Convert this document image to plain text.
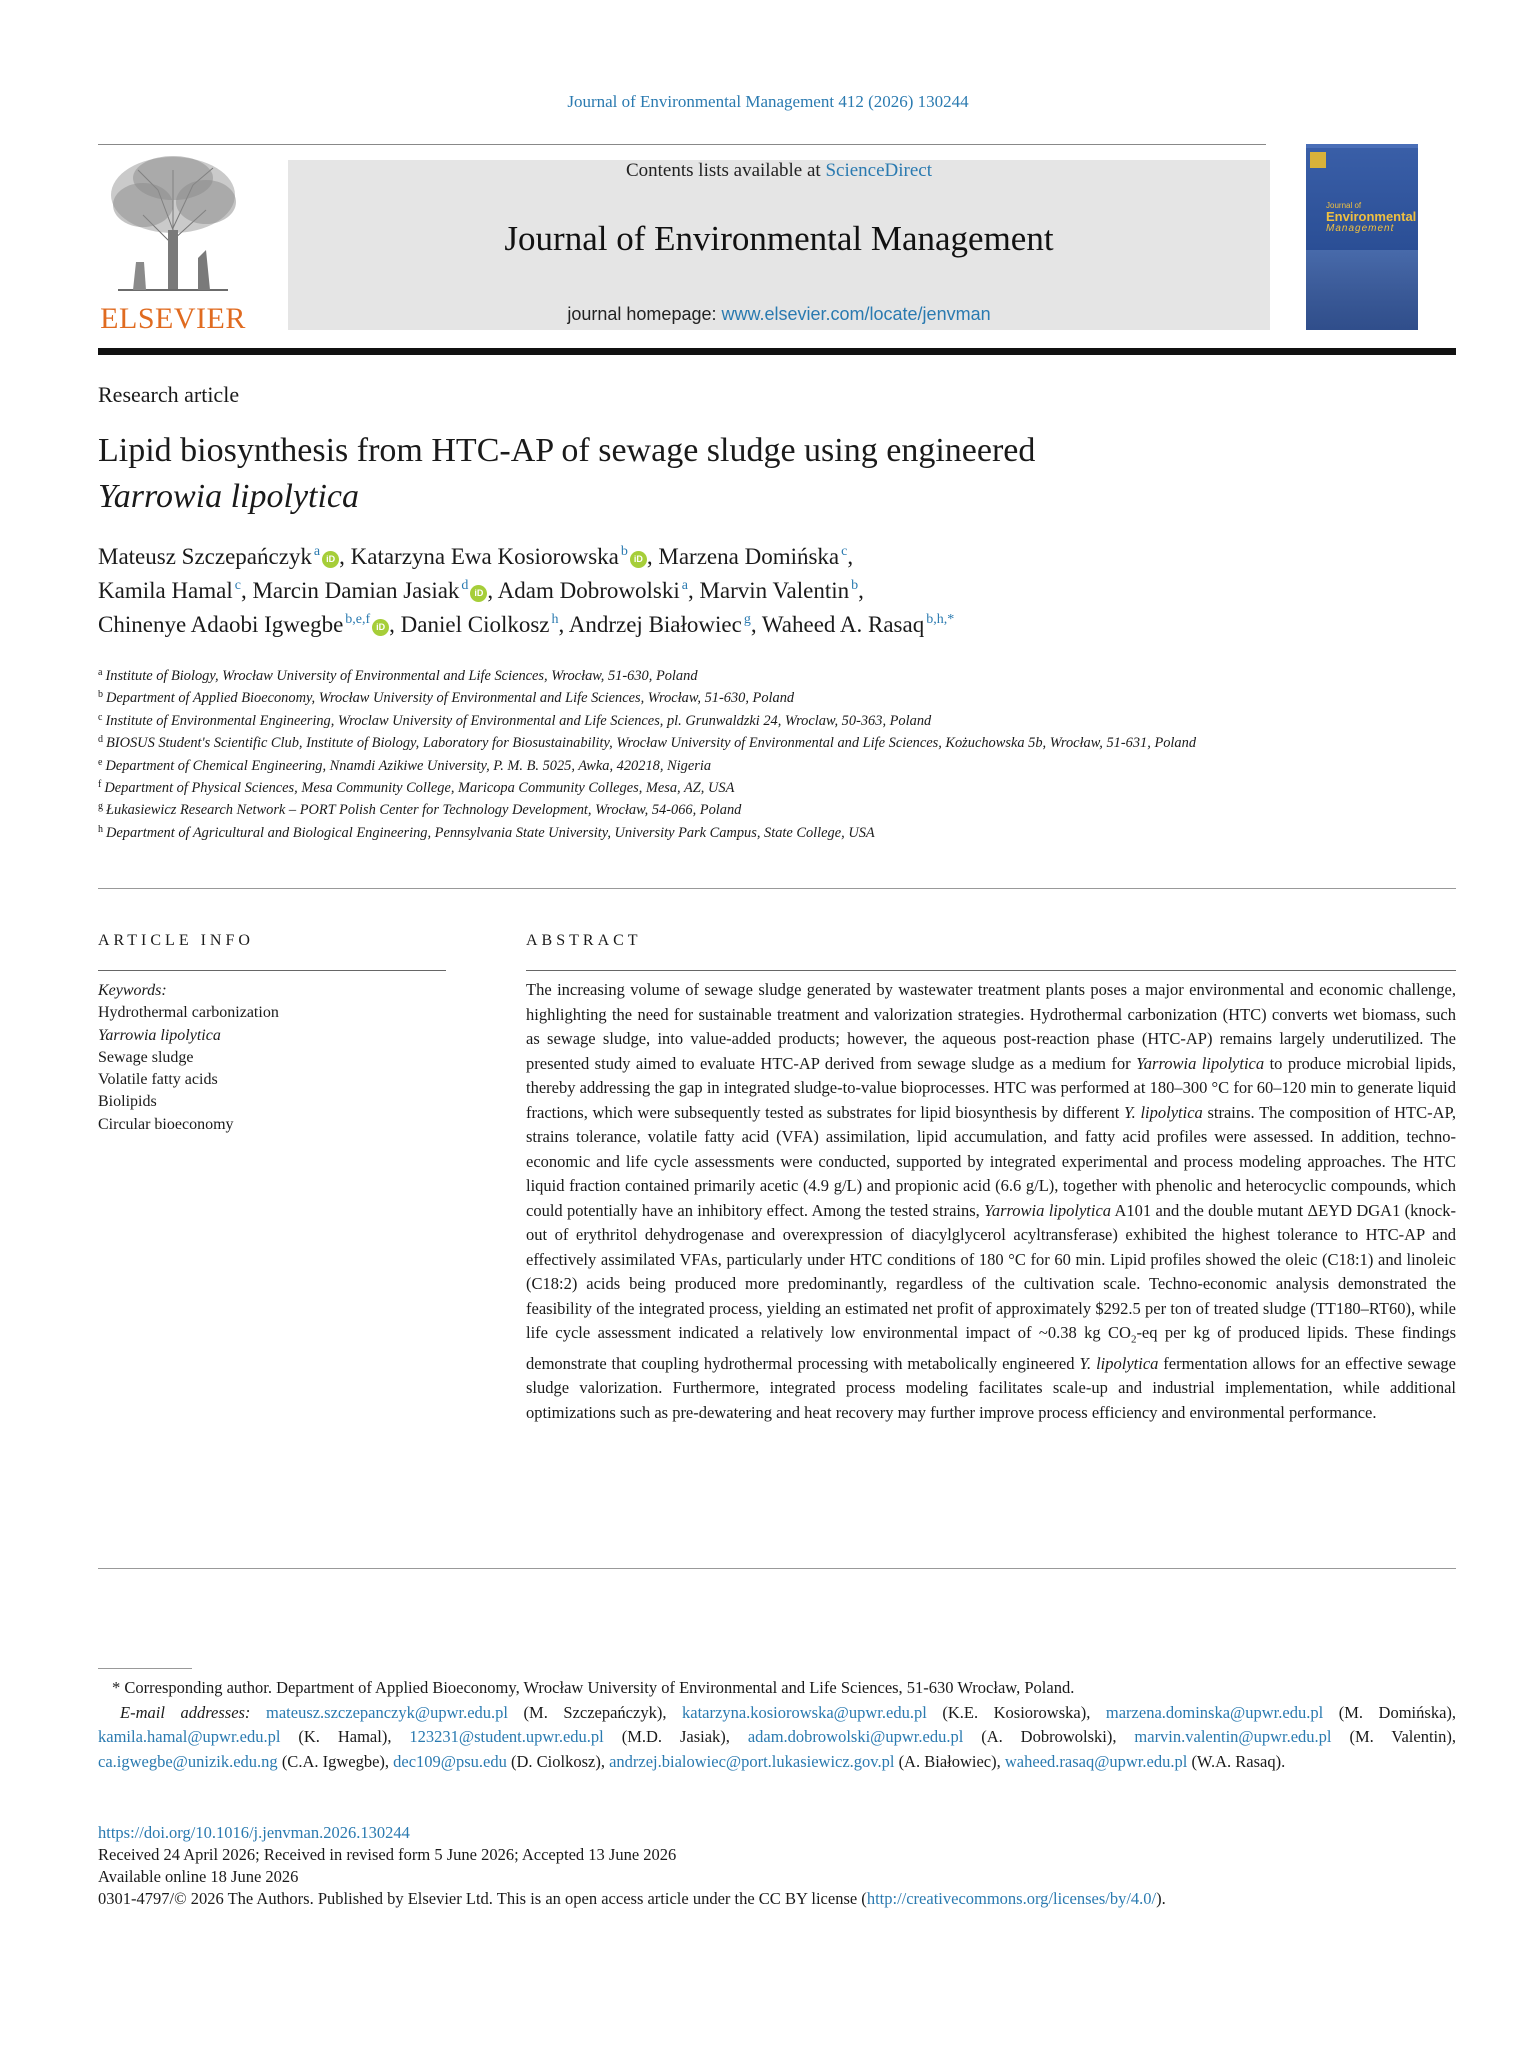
Journal of Environmental Management 412 (2026) 130244
ELSEVIER
Contents lists available at ScienceDirect
Journal of Environmental Management
journal homepage: www.elsevier.com/locate/jenvman
Journal of
Environmental
Management
Research article
Lipid biosynthesis from HTC-AP of sewage sludge using engineered
Yarrowia lipolytica
Mateusz Szczepańczyk $^a$ iD , Katarzyna Ewa Kosiorowska $^b$ iD , Marzena Domińska $^c$,
Kamila Hamal $^c$, Marcin Damian Jasiak $^d$ iD , Adam Dobrowolski $^a$, Marvin Valentin $^b$,
Chinenye Adaobi Igwegbe $^{b,e,f}$ iD , Daniel Ciolkosz $^h$, Andrzej Białowiec $^g$, Waheed A. Rasaq $^{b,h,*}$
$^a$ Institute of Biology, Wrocław University of Environmental and Life Sciences, Wrocław, 51-630, Poland
$^b$ Department of Applied Bioeconomy, Wrocław University of Environmental and Life Sciences, Wrocław, 51-630, Poland
$^c$ Institute of Environmental Engineering, Wroclaw University of Environmental and Life Sciences, pl. Grunwaldzki 24, Wroclaw, 50-363, Poland
$^d$ BIOSUS Student's Scientific Club, Institute of Biology, Laboratory for Biosustainability, Wrocław University of Environmental and Life Sciences, Kożuchowska 5b, Wrocław, 51-631, Poland
$^e$ Department of Chemical Engineering, Nnamdi Azikiwe University, P. M. B. 5025, Awka, 420218, Nigeria
$^f$ Department of Physical Sciences, Mesa Community College, Maricopa Community Colleges, Mesa, AZ, USA
$^g$ Łukasiewicz Research Network – PORT Polish Center for Technology Development, Wrocław, 54-066, Poland
$^h$ Department of Agricultural and Biological Engineering, Pennsylvania State University, University Park Campus, State College, USA
ARTICLE INFO
Keywords:
Hydrothermal carbonization
Yarrowia lipolytica
Sewage sludge
Volatile fatty acids
Biolipids
Circular bioeconomy
ABSTRACT
The increasing volume of sewage sludge generated by wastewater treatment plants poses a major environmental and economic challenge, highlighting the need for sustainable treatment and valorization strategies. Hydrothermal carbonization (HTC) converts wet biomass, such as sewage sludge, into value-added products; however, the aqueous post-reaction phase (HTC-AP) remains largely underutilized. The presented study aimed to evaluate HTC-AP derived from sewage sludge as a medium for Yarrowia lipolytica to produce microbial lipids, thereby addressing the gap in integrated sludge-to-value bioprocesses. HTC was performed at 180–300 °C for 60–120 min to generate liquid fractions, which were subsequently tested as substrates for lipid biosynthesis by different Y. lipolytica strains. The composition of HTC-AP, strains tolerance, volatile fatty acid (VFA) assimilation, lipid accumulation, and fatty acid profiles were assessed. In addition, techno-economic and life cycle assessments were conducted, supported by integrated experimental and process modeling approaches. The HTC liquid fraction contained primarily acetic (4.9 g/L) and propionic acid (6.6 g/L), together with phenolic and heterocyclic compounds, which could potentially have an inhibitory effect. Among the tested strains, Yarrowia lipolytica A101 and the double mutant ΔEYD DGA1 (knock-out of erythritol dehydrogenase and overexpression of diacylglycerol acyltransferase) exhibited the highest tolerance to HTC-AP and effectively assimilated VFAs, particularly under HTC conditions of 180 °C for 60 min. Lipid profiles showed the oleic (C18:1) and linoleic (C18:2) acids being produced more predominantly, regardless of the cultivation scale. Techno-economic analysis demonstrated the feasibility of the integrated process, yielding an estimated net profit of approximately $292.5 per ton of treated sludge (TT180–RT60), while life cycle assessment indicated a relatively low environmental impact of ~0.38 kg $CO_2-eq$ per kg of produced lipids. These findings demonstrate that coupling hydrothermal processing with metabolically engineered Y. lipolytica fermentation allows for an effective sewage sludge valorization. Furthermore, integrated process modeling facilitates scale-up and industrial implementation, while additional optimizations such as pre-dewatering and heat recovery may further improve process efficiency and environmental performance.
* Corresponding author. Department of Applied Bioeconomy, Wrocław University of Environmental and Life Sciences, 51-630 Wrocław, Poland.
E-mail addresses: mateusz.szczepanczyk@upwr.edu.pl (M. Szczepańczyk), katarzyna.kosiorowska@upwr.edu.pl (K.E. Kosiorowska), marzena.dominska@upwr.edu.pl (M. Domińska), kamila.hamal@upwr.edu.pl (K. Hamal), 123231@student.upwr.edu.pl (M.D. Jasiak), adam.dobrowolski@upwr.edu.pl (A. Dobrowolski), marvin.valentin@upwr.edu.pl (M. Valentin), ca.igwegbe@unizik.edu.ng (C.A. Igwegbe), dec109@psu.edu (D. Ciolkosz), andrzej.bialowiec@port.lukasiewicz.gov.pl (A. Białowiec), waheed.rasaq@upwr.edu.pl (W.A. Rasaq).
https://doi.org/10.1016/j.jenvman.2026.130244
Received 24 April 2026; Received in revised form 5 June 2026; Accepted 13 June 2026
Available online 18 June 2026
0301-4797/© 2026 The Authors. Published by Elsevier Ltd. This is an open access article under the CC BY license (http://creativecommons.org/licenses/by/4.0/).
